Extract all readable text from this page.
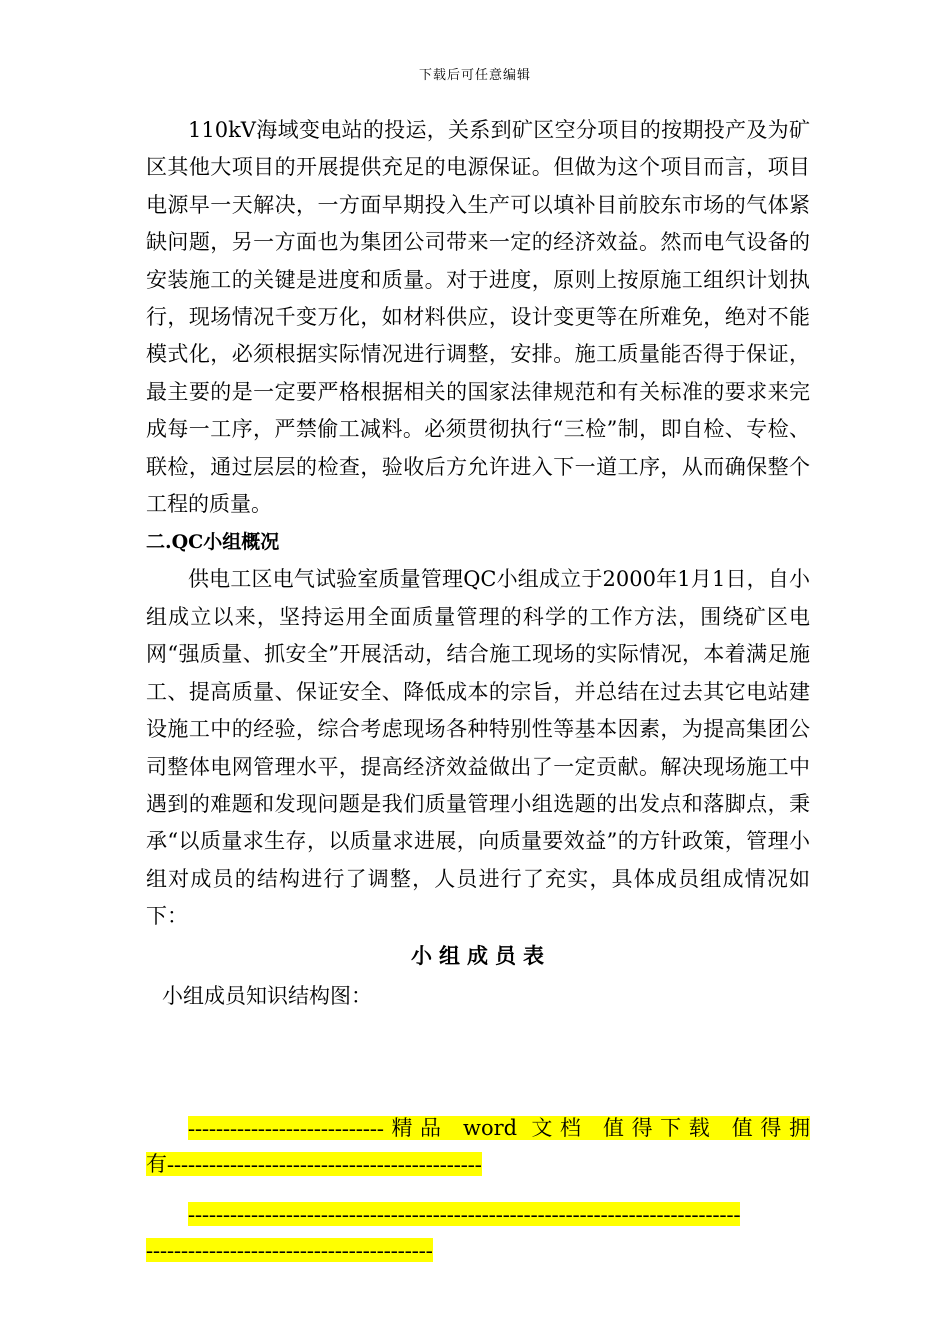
下载后可任意编辑

110kV海域变电站的投运，关系到矿区空分项目的按期投产及为矿区其他大项目的开展提供充足的电源保证。但做为这个项目而言，项目电源早一天解决，一方面早期投入生产可以填补目前胶东市场的气体紧缺问题，另一方面也为集团公司带来一定的经济效益。然而电气设备的安装施工的关键是进度和质量。对于进度，原则上按原施工组织计划执行，现场情况千变万化，如材料供应，设计变更等在所难免，绝对不能模式化，必须根据实际情况进行调整，安排。施工质量能否得于保证，最主要的是一定要严格根据相关的国家法律规范和有关标准的要求来完成每一工序，严禁偷工减料。必须贯彻执行“三检”制，即自检、专检、联检，通过层层的检查，验收后方允许进入下一道工序，从而确保整个工程的质量。

二.QC小组概况

供电工区电气试验室质量管理QC小组成立于2000年1月1日，自小组成立以来，坚持运用全面质量管理的科学的工作方法，围绕矿区电网“强质量、抓安全”开展活动，结合施工现场的实际情况，本着满足施工、提高质量、保证安全、降低成本的宗旨，并总结在过去其它电站建设施工中的经验，综合考虑现场各种特别性等基本因素，为提高集团公司整体电网管理水平，提高经济效益做出了一定贡献。解决现场施工中遇到的难题和发现问题是我们质量管理小组选题的出发点和落脚点，秉承“以质量求生存，以质量求进展，向质量要效益”的方针政策，管理小组对成员的结构进行了调整，人员进行了充实，具体成员组成情况如下：

小组成员表

小组成员知识结构图：

----------------------------精品 word 文档 值得下载 值得拥

有---------------------------------------------

-------------------------------------------------------------------------------

-----------------------------------------
